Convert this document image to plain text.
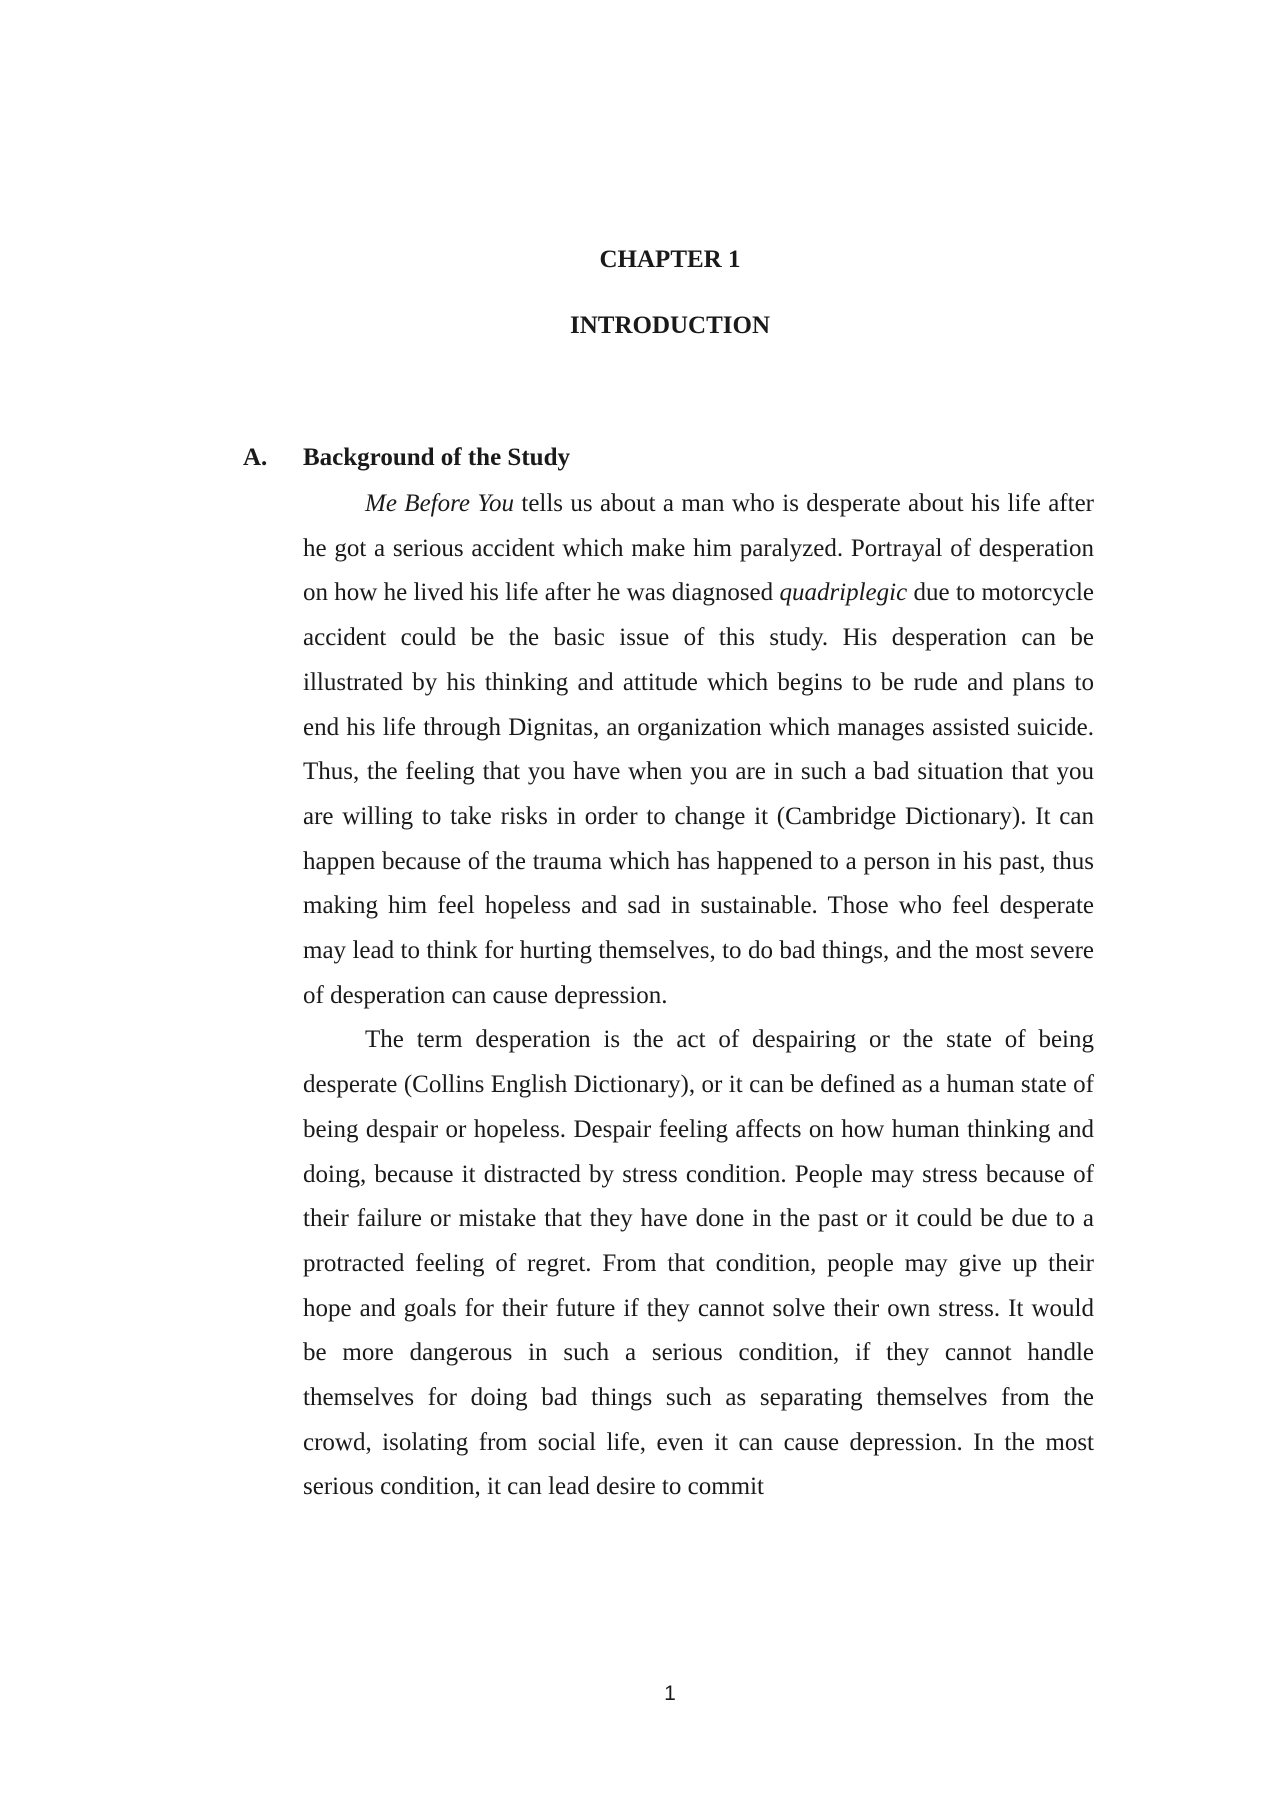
CHAPTER 1
INTRODUCTION
A. Background of the Study

Me Before You tells us about a man who is desperate about his life after he got a serious accident which make him paralyzed. Portrayal of desperation on how he lived his life after he was diagnosed quadriplegic due to motorcycle accident could be the basic issue of this study. His desperation can be illustrated by his thinking and attitude which begins to be rude and plans to end his life through Dignitas, an organization which manages assisted suicide. Thus, the feeling that you have when you are in such a bad situation that you are willing to take risks in order to change it (Cambridge Dictionary). It can happen because of the trauma which has happened to a person in his past, thus making him feel hopeless and sad in sustainable. Those who feel desperate may lead to think for hurting themselves, to do bad things, and the most severe of desperation can cause depression.

The term desperation is the act of despairing or the state of being desperate (Collins English Dictionary), or it can be defined as a human state of being despair or hopeless. Despair feeling affects on how human thinking and doing, because it distracted by stress condition. People may stress because of their failure or mistake that they have done in the past or it could be due to a protracted feeling of regret. From that condition, people may give up their hope and goals for their future if they cannot solve their own stress. It would be more dangerous in such a serious condition, if they cannot handle themselves for doing bad things such as separating themselves from the crowd, isolating from social life, even it can cause depression. In the most serious condition, it can lead desire to commit

1
